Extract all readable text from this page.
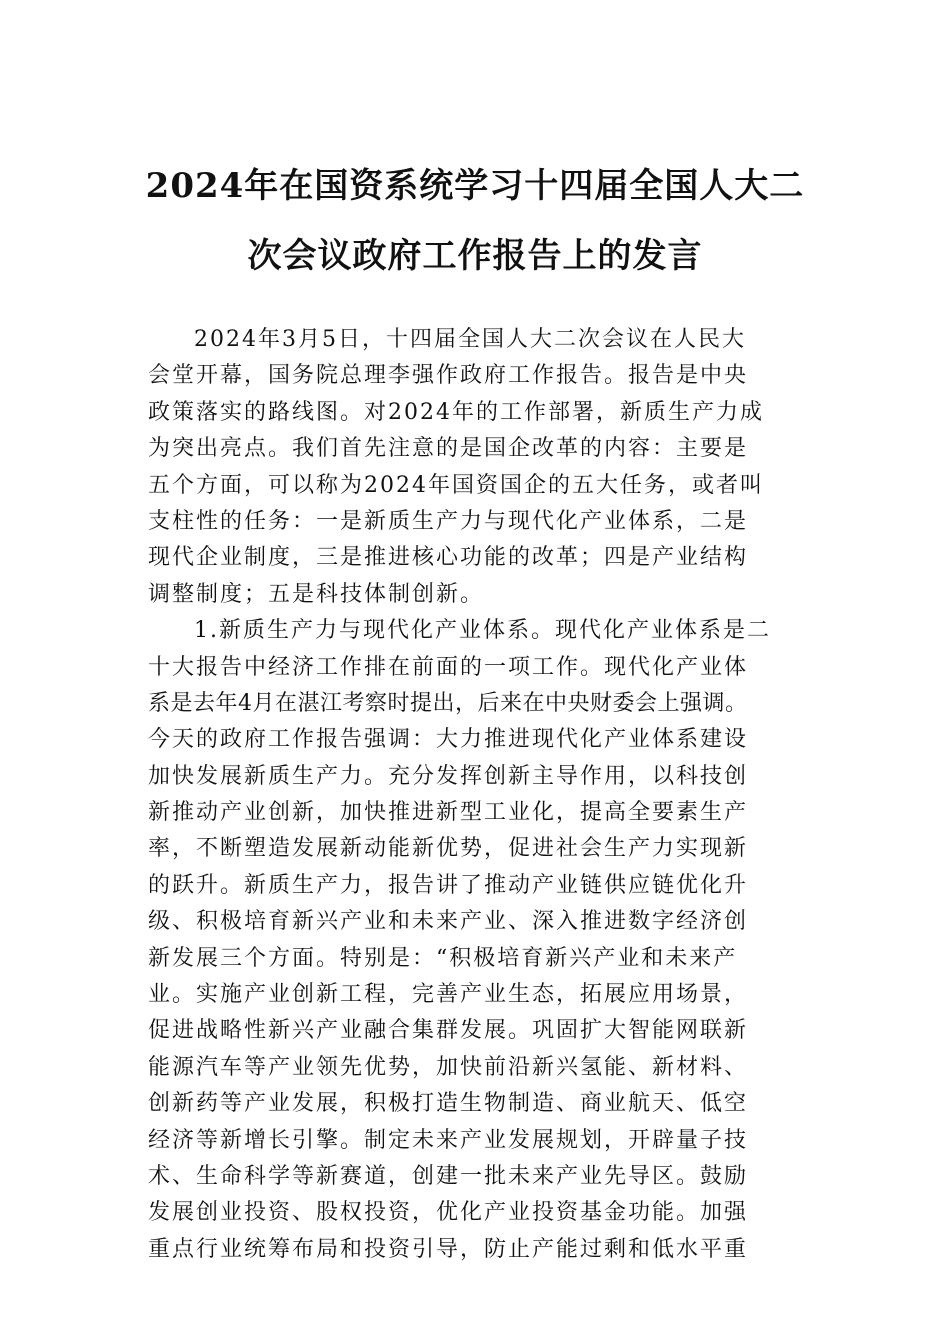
2024年在国资系统学习十四届全国人大二
次会议政府工作报告上的发言
2024年3月5日，十四届全国人大二次会议在人民大
会堂开幕，国务院总理李强作政府工作报告。报告是中央
政策落实的路线图。对2024年的工作部署，新质生产力成
为突出亮点。我们首先注意的是国企改革的内容：主要是
五个方面，可以称为2024年国资国企的五大任务，或者叫
支柱性的任务：一是新质生产力与现代化产业体系，二是
现代企业制度，三是推进核心功能的改革；四是产业结构
调整制度；五是科技体制创新。
1.新质生产力与现代化产业体系。现代化产业体系是二
十大报告中经济工作排在前面的一项工作。现代化产业体
系是去年4月在湛江考察时提出，后来在中央财委会上强调。
今天的政府工作报告强调：大力推进现代化产业体系建设
加快发展新质生产力。充分发挥创新主导作用，以科技创
新推动产业创新，加快推进新型工业化，提高全要素生产
率，不断塑造发展新动能新优势，促进社会生产力实现新
的跃升。新质生产力，报告讲了推动产业链供应链优化升
级、积极培育新兴产业和未来产业、深入推进数字经济创
新发展三个方面。特别是：“积极培育新兴产业和未来产
业。实施产业创新工程，完善产业生态，拓展应用场景，
促进战略性新兴产业融合集群发展。巩固扩大智能网联新
能源汽车等产业领先优势，加快前沿新兴氢能、新材料、
创新药等产业发展，积极打造生物制造、商业航天、低空
经济等新增长引擎。制定未来产业发展规划，开辟量子技
术、生命科学等新赛道，创建一批未来产业先导区。鼓励
发展创业投资、股权投资，优化产业投资基金功能。加强
重点行业统筹布局和投资引导，防止产能过剩和低水平重
